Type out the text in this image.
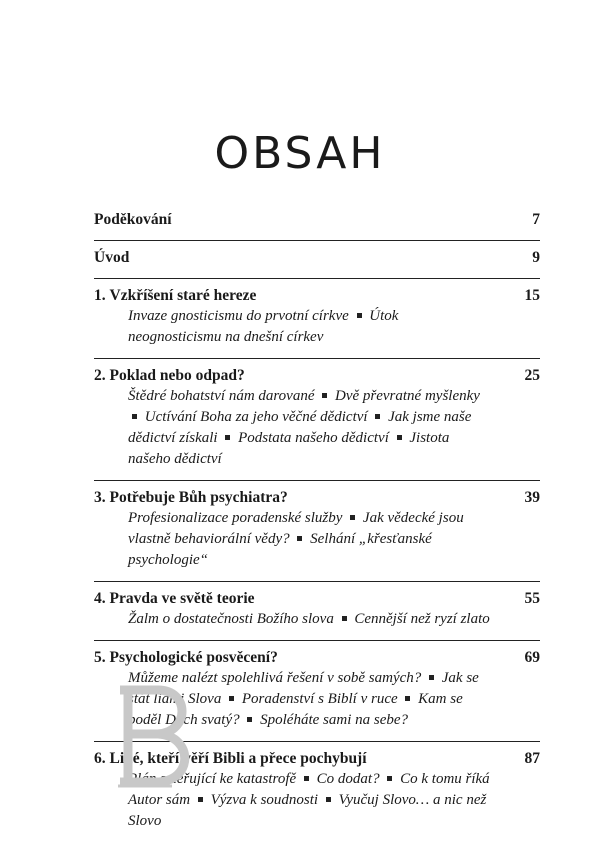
OBSAH
Poděkování	7
Úvod	9
1. Vzkříšení staré hereze	15
Invaze gnosticismu do prvotní církve Útok neognosticismu na dnešní církev
2. Poklad nebo odpad?	25
Štědré bohatství nám darované Dvě převratné myšlenky  Uctívání Boha za jeho věčné dědictví Jak jsme naše dědictví získali Podstata našeho dědictví Jistota našeho dědictví
3. Potřebuje Bůh psychiatra?	39
Profesionalizace poradenské služby Jak vědecké jsou vlastně behaviorální vědy? Selhání „křesťanské psychologie“
4. Pravda ve světě teorie	55
Žalm o dostatečnosti Božího slova Cennější než ryzí zlato
5. Psychologické posvěcení?	69
Můžeme nalézt spolehlivá řešení v sobě samých? Jak se stát lidmi Slova Poradenství s Biblí v ruce Kam se poděl Duch svatý? Spoléháte sami na sebe?
6. Lidé, kteří věří Bibli a přece pochybují	87
Plán směřující ke katastrofě Co dodat? Co k tomu říká Autor sám Výzva k soudnosti Vyučuj Slovo… a nic než Slovo
